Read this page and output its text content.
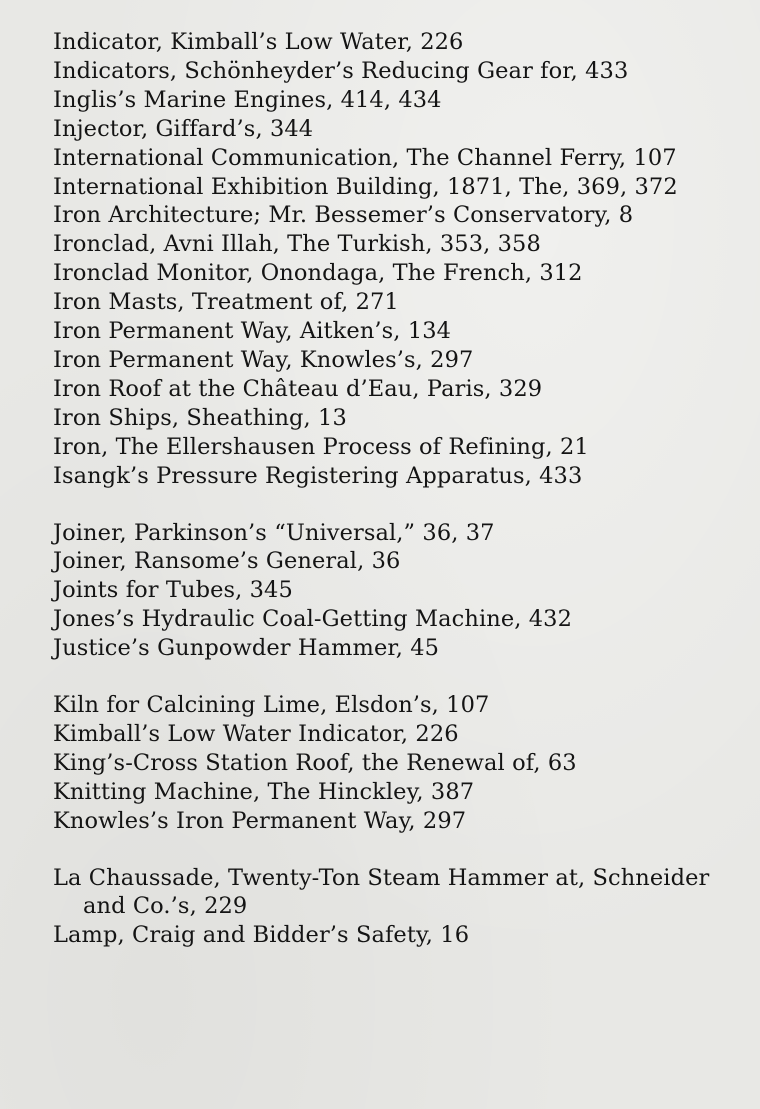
Indicator, Kimball’s Low Water, 226
Indicators, Schönheyder’s Reducing Gear for, 433
Inglis’s Marine Engines, 414, 434
Injector, Giffard’s, 344
International Communication, The Channel Ferry, 107
International Exhibition Building, 1871, The, 369, 372
Iron Architecture; Mr. Bessemer’s Conservatory, 8
Ironclad, Avni Illah, The Turkish, 353, 358
Ironclad Monitor, Onondaga, The French, 312
Iron Masts, Treatment of, 271
Iron Permanent Way, Aitken’s, 134
Iron Permanent Way, Knowles’s, 297
Iron Roof at the Château d’Eau, Paris, 329
Iron Ships, Sheathing, 13
Iron, The Ellershausen Process of Refining, 21
Isangk’s Pressure Registering Apparatus, 433
Joiner, Parkinson’s “Universal,” 36, 37
Joiner, Ransome’s General, 36
Joints for Tubes, 345
Jones’s Hydraulic Coal-Getting Machine, 432
Justice’s Gunpowder Hammer, 45
Kiln for Calcining Lime, Elsdon’s, 107
Kimball’s Low Water Indicator, 226
King’s-Cross Station Roof, the Renewal of, 63
Knitting Machine, The Hinckley, 387
Knowles’s Iron Permanent Way, 297
La Chaussade, Twenty-Ton Steam Hammer at, Schneider and Co.’s, 229
Lamp, Craig and Bidder’s Safety, 16
